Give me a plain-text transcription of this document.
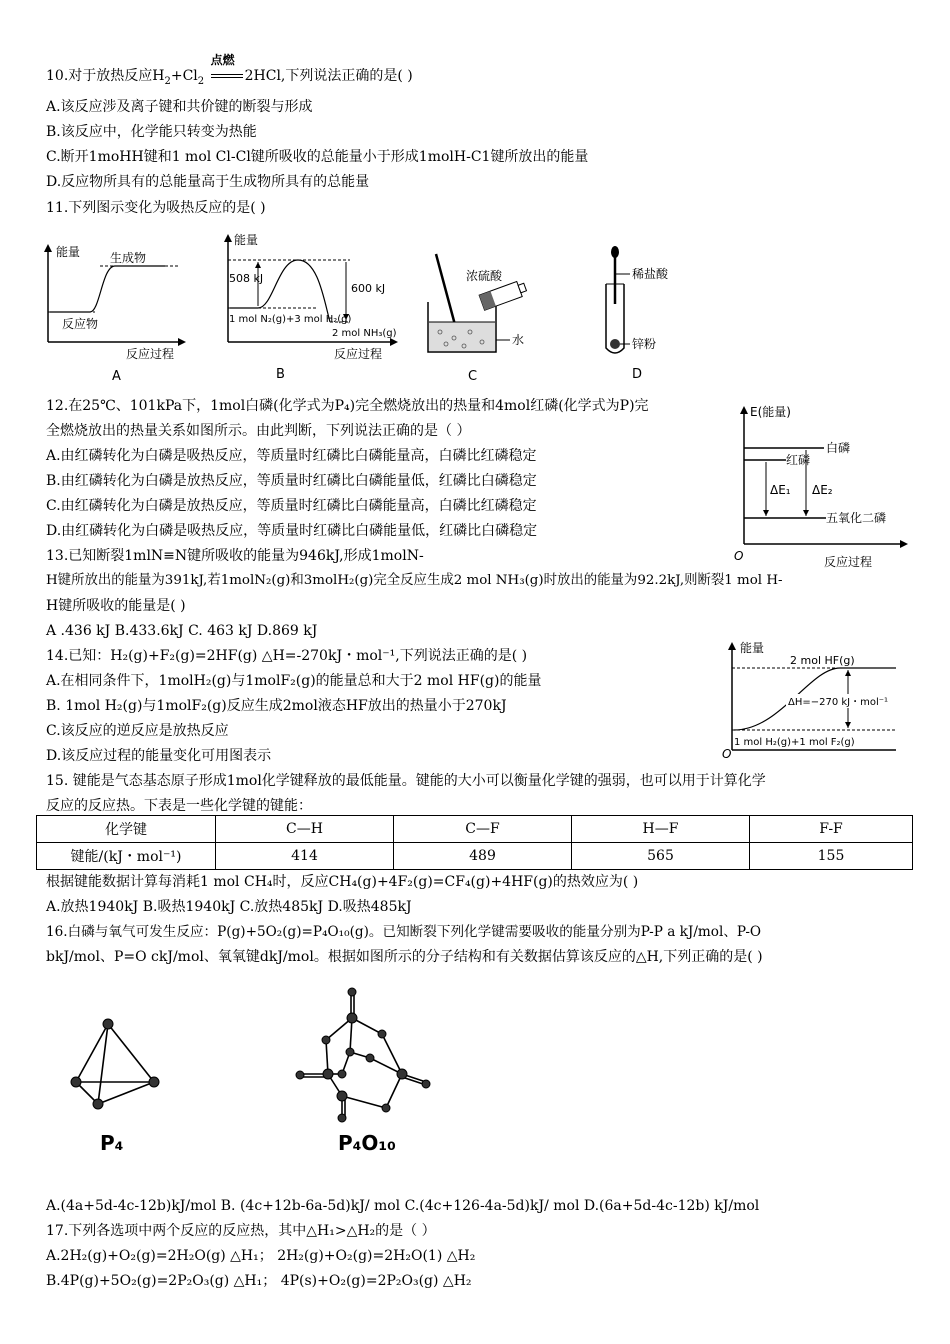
10.对于放热反应$H_2+Cl_2$
点燃
2HCl,下列说法正确的是( )
A.该反应涉及离子键和共价键的断裂与形成
B.该反应中，化学能只转变为热能
C.断开1moHH键和1 mol Cl-Cl键所吸收的总能量小于形成1molH-C1键所放出的能量
D.反应物所具有的总能量高于生成物所具有的总能量
11.下列图示变化为吸热反应的是( )
能量 生成物
反应物
反应过程
A
能量
508 kJ
600 kJ
1 mol N₂(g)+3 mol H₂(g)
2 mol NH₃(g)
反应过程
B
浓硫酸
水
C
稀盐酸
锌粉
D
12.在25℃、101kPa下，1mol白磷(化学式为P₄)完全燃烧放出的热量和4mol红磷(化学式为P)完
全燃烧放出的热量关系如图所示。由此判断，下列说法正确的是（ ）
A.由红磷转化为白磷是吸热反应，等质量时红磷比白磷能量高，白磷比红磷稳定
B.由红磷转化为白磷是放热反应，等质量时红磷比白磷能量低，红磷比白磷稳定
C.由红磷转化为白磷是放热反应，等质量时红磷比白磷能量高，白磷比红磷稳定
D.由红磷转化为白磷是吸热反应，等质量时红磷比白磷能量低，红磷比白磷稳定
E(能量)
白磷
红磷
五氧化二磷
ΔE₁ ΔE₂
O	反应过程
13.已知断裂1mlN≡N键所吸收的能量为946kJ,形成1molN-
H键所放出的能量为391kJ,若1molN₂(g)和3molH₂(g)完全反应生成2 mol NH₃(g)时放出的能量为92.2kJ,则断裂1 mol H-
H键所吸收的能量是( )
A .436 kJ B.433.6kJ C. 463 kJ D.869 kJ
14.已知：H₂(g)+F₂(g)=2HF(g) △H=-270kJ・mol⁻¹,下列说法正确的是( )
A.在相同条件下，1molH₂(g)与1molF₂(g)的能量总和大于2 mol HF(g)的能量
B. 1mol H₂(g)与1molF₂(g)反应生成2mol液态HF放出的热量小于270kJ
C.该反应的逆反应是放热反应
D.该反应过程的能量变化可用图表示
能量
2 mol HF(g)
ΔH=−270 kJ・mol⁻¹
1 mol H₂(g)+1 mol F₂(g)
O
15. 键能是气态基态原子形成1mol化学键释放的最低能量。键能的大小可以衡量化学键的强弱，也可以用于计算化学
反应的反应热。下表是一些化学键的键能：
化学键	C—H	C—F	H—F	F-F
键能/(kJ・mol⁻¹)	414	489	565	155
根据键能数据计算每消耗1 mol CH₄时，反应CH₄(g)+4F₂(g)=CF₄(g)+4HF(g)的热效应为( )
A.放热1940kJ B.吸热1940kJ C.放热485kJ D.吸热485kJ
16.白磷与氧气可发生反应：P(g)+5O₂(g)=P₄O₁₀(g)。已知断裂下列化学键需要吸收的能量分别为P-P a kJ/mol、P-O
bkJ/mol、P=O ckJ/mol、氧氧键dkJ/mol。根据如图所示的分子结构和有关数据估算该反应的△H,下列正确的是( )
P₄	P₄O₁₀
A.(4a+5d-4c-12b)kJ/mol B. (4c+12b-6a-5d)kJ/ mol C.(4c+126-4a-5d)kJ/ mol D.(6a+5d-4c-12b) kJ/mol
17.下列各选项中两个反应的反应热，其中△H₁>△H₂的是（ ）
A.2H₂(g)+O₂(g)=2H₂O(g) △H₁； 2H₂(g)+O₂(g)=2H₂O(1) △H₂
B.4P(g)+5O₂(g)=2P₂O₃(g) △H₁； 4P(s)+O₂(g)=2P₂O₃(g) △H₂
